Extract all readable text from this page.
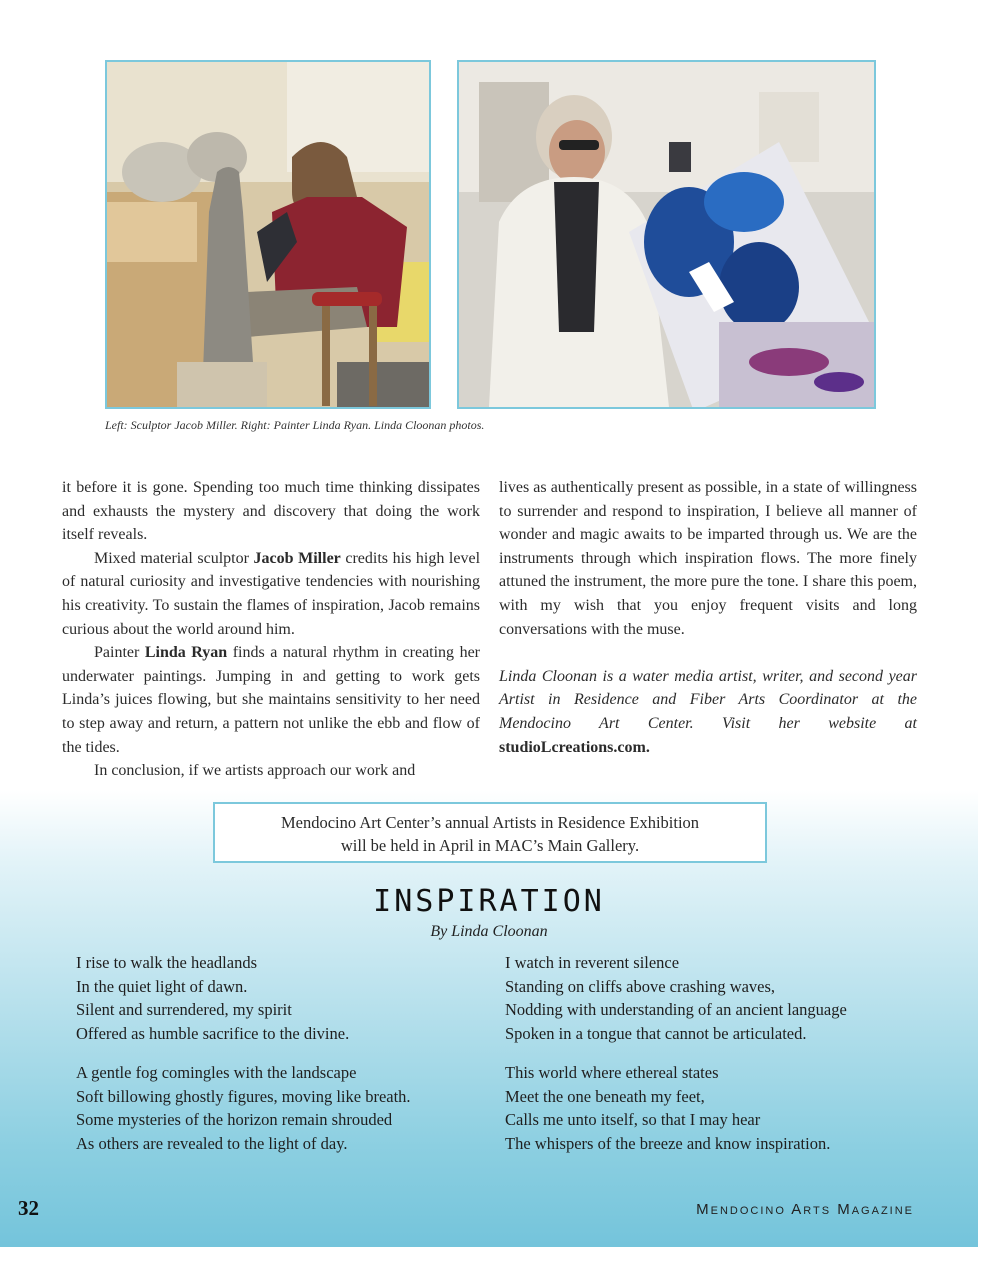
Left: Sculptor Jacob Miller. Right: Painter Linda Ryan. Linda Cloonan photos.

it before it is gone. Spending too much time thinking dissipates and exhausts the mystery and discovery that doing the work itself reveals.

Mixed material sculptor Jacob Miller credits his high level of natural curiosity and investigative tendencies with nourishing his creativity. To sustain the flames of inspiration, Jacob remains curious about the world around him.

Painter Linda Ryan finds a natural rhythm in creating her underwater paintings. Jumping in and getting to work gets Linda’s juices flowing, but she maintains sensitivity to her need to step away and return, a pattern not unlike the ebb and flow of the tides.

In conclusion, if we artists approach our work and

lives as authentically present as possible, in a state of willingness to surrender and respond to inspiration, I believe all manner of wonder and magic awaits to be imparted through us. We are the instruments through which inspiration flows. The more finely attuned the instrument, the more pure the tone. I share this poem, with my wish that you enjoy frequent visits and long conversations with the muse.

Linda Cloonan is a water media artist, writer, and second year Artist in Residence and Fiber Arts Coordinator at the Mendocino Art Center. Visit her website at studioLcreations.com.

Mendocino Art Center’s annual Artists in Residence Exhibition
will be held in April in MAC’s Main Gallery.
INSPIRATION
By Linda Cloonan
I rise to walk the headlands
In the quiet light of dawn.
Silent and surrendered, my spirit
Offered as humble sacrifice to the divine.
A gentle fog comingles with the landscape
Soft billowing ghostly figures, moving like breath.
Some mysteries of the horizon remain shrouded
As others are revealed to the light of day.
I watch in reverent silence
Standing on cliffs above crashing waves,
Nodding with understanding of an ancient language
Spoken in a tongue that cannot be articulated.
This world where ethereal states
Meet the one beneath my feet,
Calls me unto itself, so that I may hear
The whispers of the breeze and know inspiration.
32	Mendocino Arts Magazine
